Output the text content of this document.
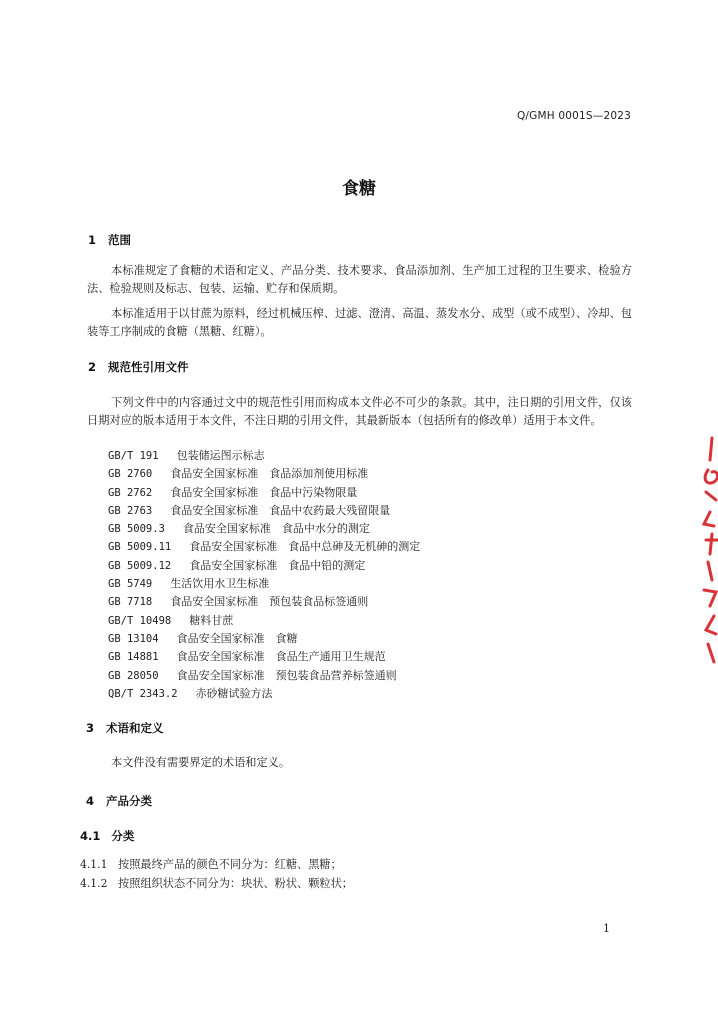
Q/GMH 0001S—2023
食糖
1 范围

本标准规定了食糖的术语和定义、产品分类、技术要求、食品添加剂、生产加工过程的卫生要求、检验方法、检验规则及标志、包装、运输、贮存和保质期。

本标准适用于以甘蔗为原料，经过机械压榨、过滤、澄清、高温、蒸发水分、成型（或不成型）、冷却、包装等工序制成的食糖（黑糖、红糖）。

2 规范性引用文件

下列文件中的内容通过文中的规范性引用而构成本文件必不可少的条款。其中，注日期的引用文件，仅该日期对应的版本适用于本文件，不注日期的引用文件，其最新版本（包括所有的修改单）适用于本文件。

GB/T 191 包装储运图示标志
GB 2760 食品安全国家标准　食品添加剂使用标准
GB 2762 食品安全国家标准　食品中污染物限量
GB 2763 食品安全国家标准　食品中农药最大残留限量
GB 5009.3 食品安全国家标准　食品中水分的测定
GB 5009.11 食品安全国家标准　食品中总砷及无机砷的测定
GB 5009.12 食品安全国家标准　食品中铅的测定
GB 5749 生活饮用水卫生标准
GB 7718 食品安全国家标准　预包装食品标签通则
GB/T 10498 糖料甘蔗
GB 13104 食品安全国家标准　食糖
GB 14881 食品安全国家标准　食品生产通用卫生规范
GB 28050 食品安全国家标准　预包装食品营养标签通则
QB/T 2343.2 赤砂糖试验方法
3 术语和定义

本文件没有需要界定的术语和定义。

4 产品分类
4.1 分类
4.1.1 按照最终产品的颜色不同分为：红糖、黑糖；
4.1.2 按照组织状态不同分为：块状、粉状、颗粒状；
1
